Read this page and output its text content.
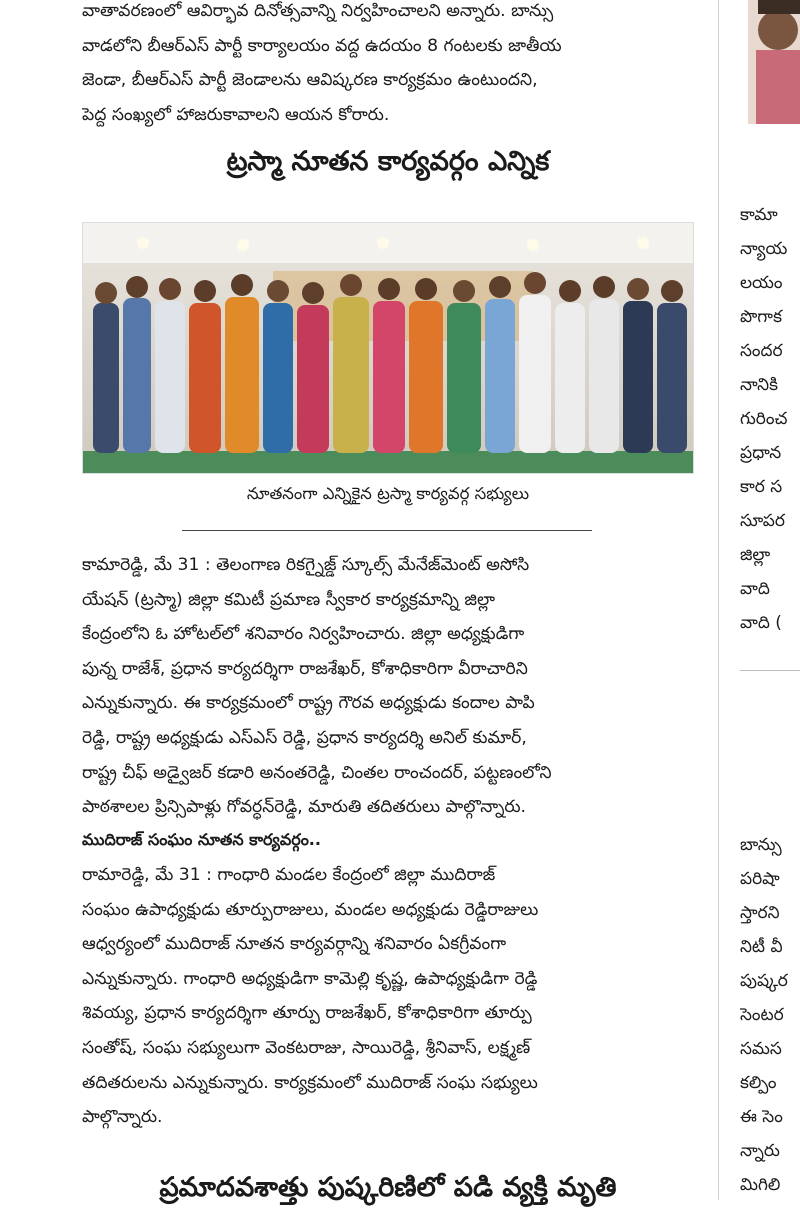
వాతావరణంలో ఆవిర్భావ దినోత్సవాన్ని నిర్వహించాలని అన్నారు. బాన్సు
వాడలోని బీఆర్ఎస్ పార్టీ కార్యాలయం వద్ద ఉదయం 8 గంటలకు జాతీయ
జెండా, బీఆర్ఎస్ పార్టీ జెండాలను ఆవిష్కరణ కార్యక్రమం ఉంటుందని,
పెద్ద సంఖ్యలో హాజరుకావాలని ఆయన కోరారు.
ట్రస్మా నూతన కార్యవర్గం ఎన్నిక
నూతనంగా ఎన్నికైన ట్రస్మా కార్యవర్గ సభ్యులు
కామారెడ్డి, మే 31 : తెలంగాణ రికగ్నైజ్డ్ స్కూల్స్ మేనేజ్‌మెంట్ అసోసి
యేషన్ (ట్రస్మా) జిల్లా కమిటీ ప్రమాణ స్వీకార కార్యక్రమాన్ని జిల్లా
కేంద్రంలోని ఓ హోటల్‌లో శనివారం నిర్వహించారు. జిల్లా అధ్యక్షుడిగా
పున్న రాజేశ్, ప్రధాన కార్యదర్శిగా రాజశేఖర్, కోశాధికారిగా వీరాచారిని
ఎన్నుకున్నారు. ఈ కార్యక్రమంలో రాష్ట్ర గౌరవ అధ్యక్షుడు కందాల పాపి
రెడ్డి, రాష్ట్ర అధ్యక్షుడు ఎస్ఎస్ రెడ్డి, ప్రధాన కార్యదర్శి అనిల్ కుమార్,
రాష్ట్ర చీఫ్ అడ్వైజర్ కడారి అనంతరెడ్డి, చింతల రాంచందర్, పట్టణంలోని
పాఠశాలల ప్రిన్సిపాళ్లు గోవర్ధన్‌రెడ్డి, మారుతి తదితరులు పాల్గొన్నారు.
ముదిరాజ్ సంఘం నూతన కార్యవర్గం..
రామారెడ్డి, మే 31 : గాంధారి మండల కేంద్రంలో జిల్లా ముదిరాజ్
సంఘం ఉపాధ్యక్షుడు తూర్పురాజులు, మండల అధ్యక్షుడు రెడ్డిరాజులు
ఆధ్వర్యంలో ముదిరాజ్ నూతన కార్యవర్గాన్ని శనివారం ఏకగ్రీవంగా
ఎన్నుకున్నారు. గాంధారి అధ్యక్షుడిగా కామెల్లి కృష్ణ, ఉపాధ్యక్షుడిగా రెడ్డి
శివయ్య, ప్రధాన కార్యదర్శిగా తూర్పు రాజశేఖర్, కోశాధికారిగా తూర్పు
సంతోష్, సంఘ సభ్యులుగా వెంకటరాజు, సాయిరెడ్డి, శ్రీనివాస్, లక్ష్మణ్
తదితరులను ఎన్నుకున్నారు. కార్యక్రమంలో ముదిరాజ్ సంఘ సభ్యులు
పాల్గొన్నారు.
ప్రమాదవశాత్తు పుష్కరిణిలో పడి వ్యక్తి మృతి
కామా
న్యాయ
లయం
పొగాక
సందర
నానికి
గురించ
ప్రధాన
కార స
సూపర
జిల్లా
వాది
వాది (
బాన్సు
పరిషా
స్తారని
నిటీ వీ
పుష్కర
సెంటర
సమస
కల్పిం
ఈ సెం
న్నారు
మిగిలి
